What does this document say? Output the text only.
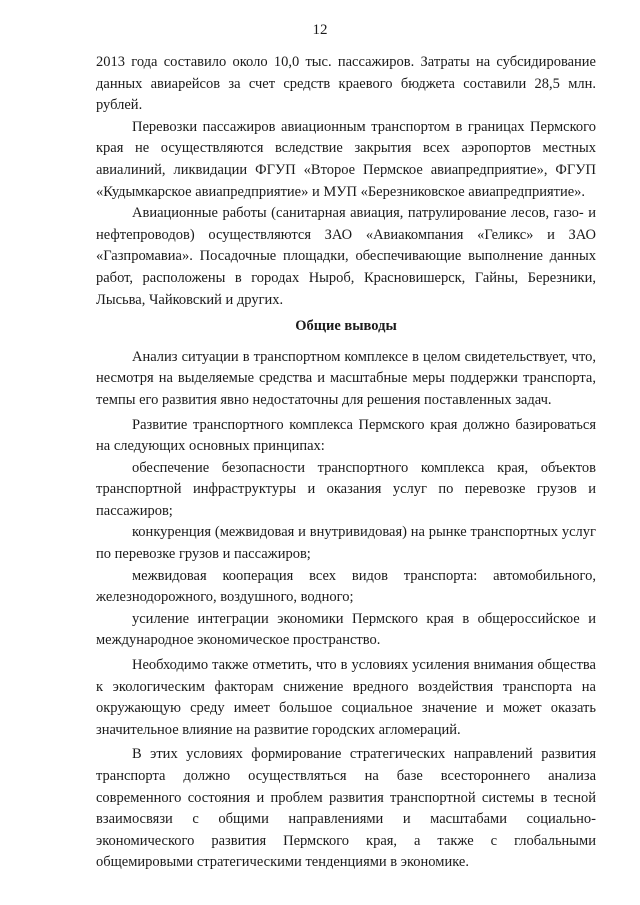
12

2013 года составило около 10,0 тыс. пассажиров. Затраты на субсидирование данных авиарейсов за счет средств краевого бюджета составили 28,5 млн. рублей.

Перевозки пассажиров авиационным транспортом в границах Пермского края не осуществляются вследствие закрытия всех аэропортов местных авиалиний, ликвидации ФГУП «Второе Пермское авиапредприятие», ФГУП «Кудымкарское авиапредприятие» и МУП «Березниковское авиапредприятие».

Авиационные работы (санитарная авиация, патрулирование лесов, газо- и нефтепроводов) осуществляются ЗАО «Авиакомпания «Геликс» и ЗАО «Газпромавиа». Посадочные площадки, обеспечивающие выполнение данных работ, расположены в городах Ныроб, Красновишерск, Гайны, Березники, Лысьва, Чайковский и других.

Общие выводы

Анализ ситуации в транспортном комплексе в целом свидетельствует, что, несмотря на выделяемые средства и масштабные меры поддержки транспорта, темпы его развития явно недостаточны для решения поставленных задач.

Развитие транспортного комплекса Пермского края должно базироваться на следующих основных принципах:

обеспечение безопасности транспортного комплекса края, объектов транспортной инфраструктуры и оказания услуг по перевозке грузов и пассажиров;

конкуренция (межвидовая и внутривидовая) на рынке транспортных услуг по перевозке грузов и пассажиров;

межвидовая кооперация всех видов транспорта: автомобильного, железнодорожного, воздушного, водного;

усиление интеграции экономики Пермского края в общероссийское и международное экономическое пространство.

Необходимо также отметить, что в условиях усиления внимания общества к экологическим факторам снижение вредного воздействия транспорта на окружающую среду имеет большое социальное значение и может оказать значительное влияние на развитие городских агломераций.

В этих условиях формирование стратегических направлений развития транспорта должно осуществляться на базе всестороннего анализа современного состояния и проблем развития транспортной системы в тесной взаимосвязи с общими направлениями и масштабами социально-экономического развития Пермского края, а также с глобальными общемировыми стратегическими тенденциями в экономике.
